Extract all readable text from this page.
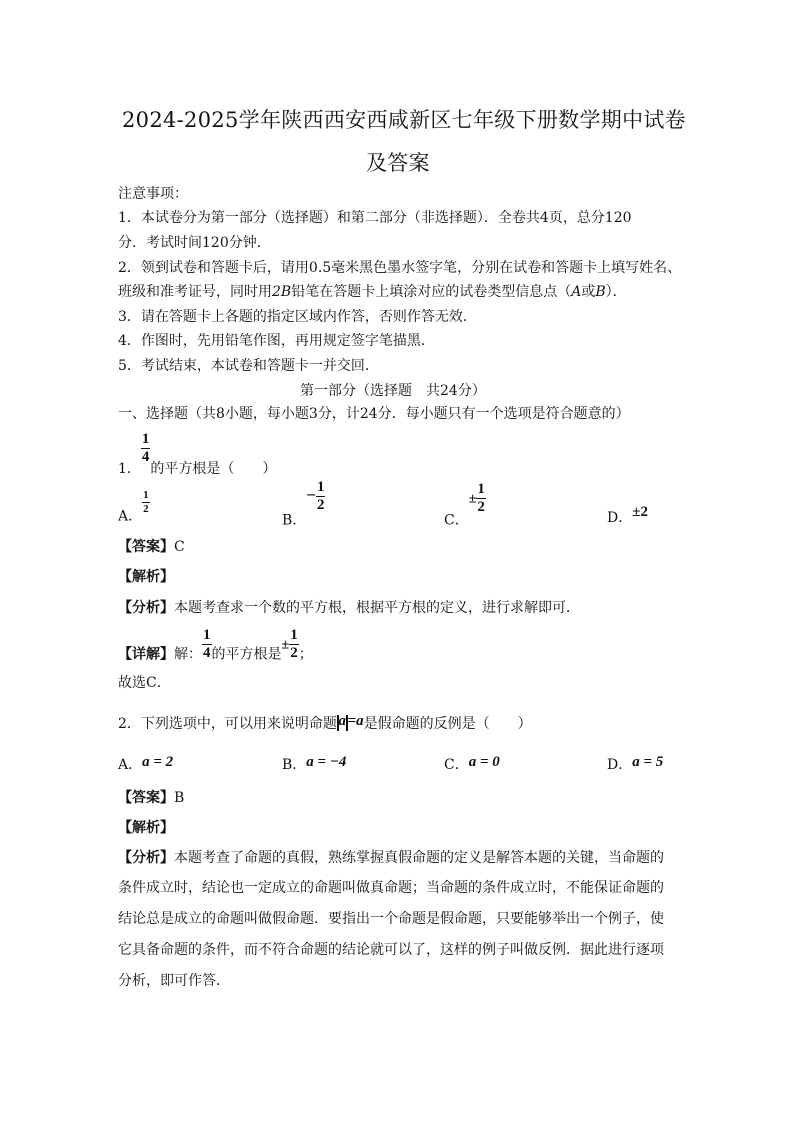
2024-2025学年陕西西安西咸新区七年级下册数学期中试卷
及答案
注意事项：
1．本试卷分为第一部分（选择题）和第二部分（非选择题）．全卷共4页，总分120
分．考试时间120分钟．
2．领到试卷和答题卡后，请用0.5毫米黑色墨水签字笔，分别在试卷和答题卡上填写姓名、
班级和准考证号，同时用2B铅笔在答题卡上填涂对应的试卷类型信息点（A或B）．
3．请在答题卡上各题的指定区域内作答，否则作答无效．
4．作图时，先用铅笔作图，再用规定签字笔描黑．
5．考试结束，本试卷和答题卡一并交回．
第一部分（选择题　共24分）
一、选择题（共8小题，每小题3分，计24分．每小题只有一个选项是符合题意的）
1．
$\frac{1}{4}$
的平方根是（　　）
A．
$\frac{1}{2}$
B．− $\frac{1}{2}$
C．± $\frac{1}{2}$
D．±2
【答案】C
【解析】
【分析】本题考查求一个数的平方根，根据平方根的定义，进行求解即可．
【详解】解： $\frac{1}{4}$ 的平方根是± $\frac{1}{2}$ ；
故选C．
2．下列选项中，可以用来说明命题 a =a是假命题的反例是（　　）
A．a = 2	B．a = −4	C．a = 0	D．a = 5
【答案】B
【解析】
【分析】本题考查了命题的真假，熟练掌握真假命题的定义是解答本题的关键，当命题的
条件成立时，结论也一定成立的命题叫做真命题；当命题的条件成立时，不能保证命题的
结论总是成立的命题叫做假命题．要指出一个命题是假命题，只要能够举出一个例子，使
它具备命题的条件，而不符合命题的结论就可以了，这样的例子叫做反例．据此进行逐项
分析，即可作答．
